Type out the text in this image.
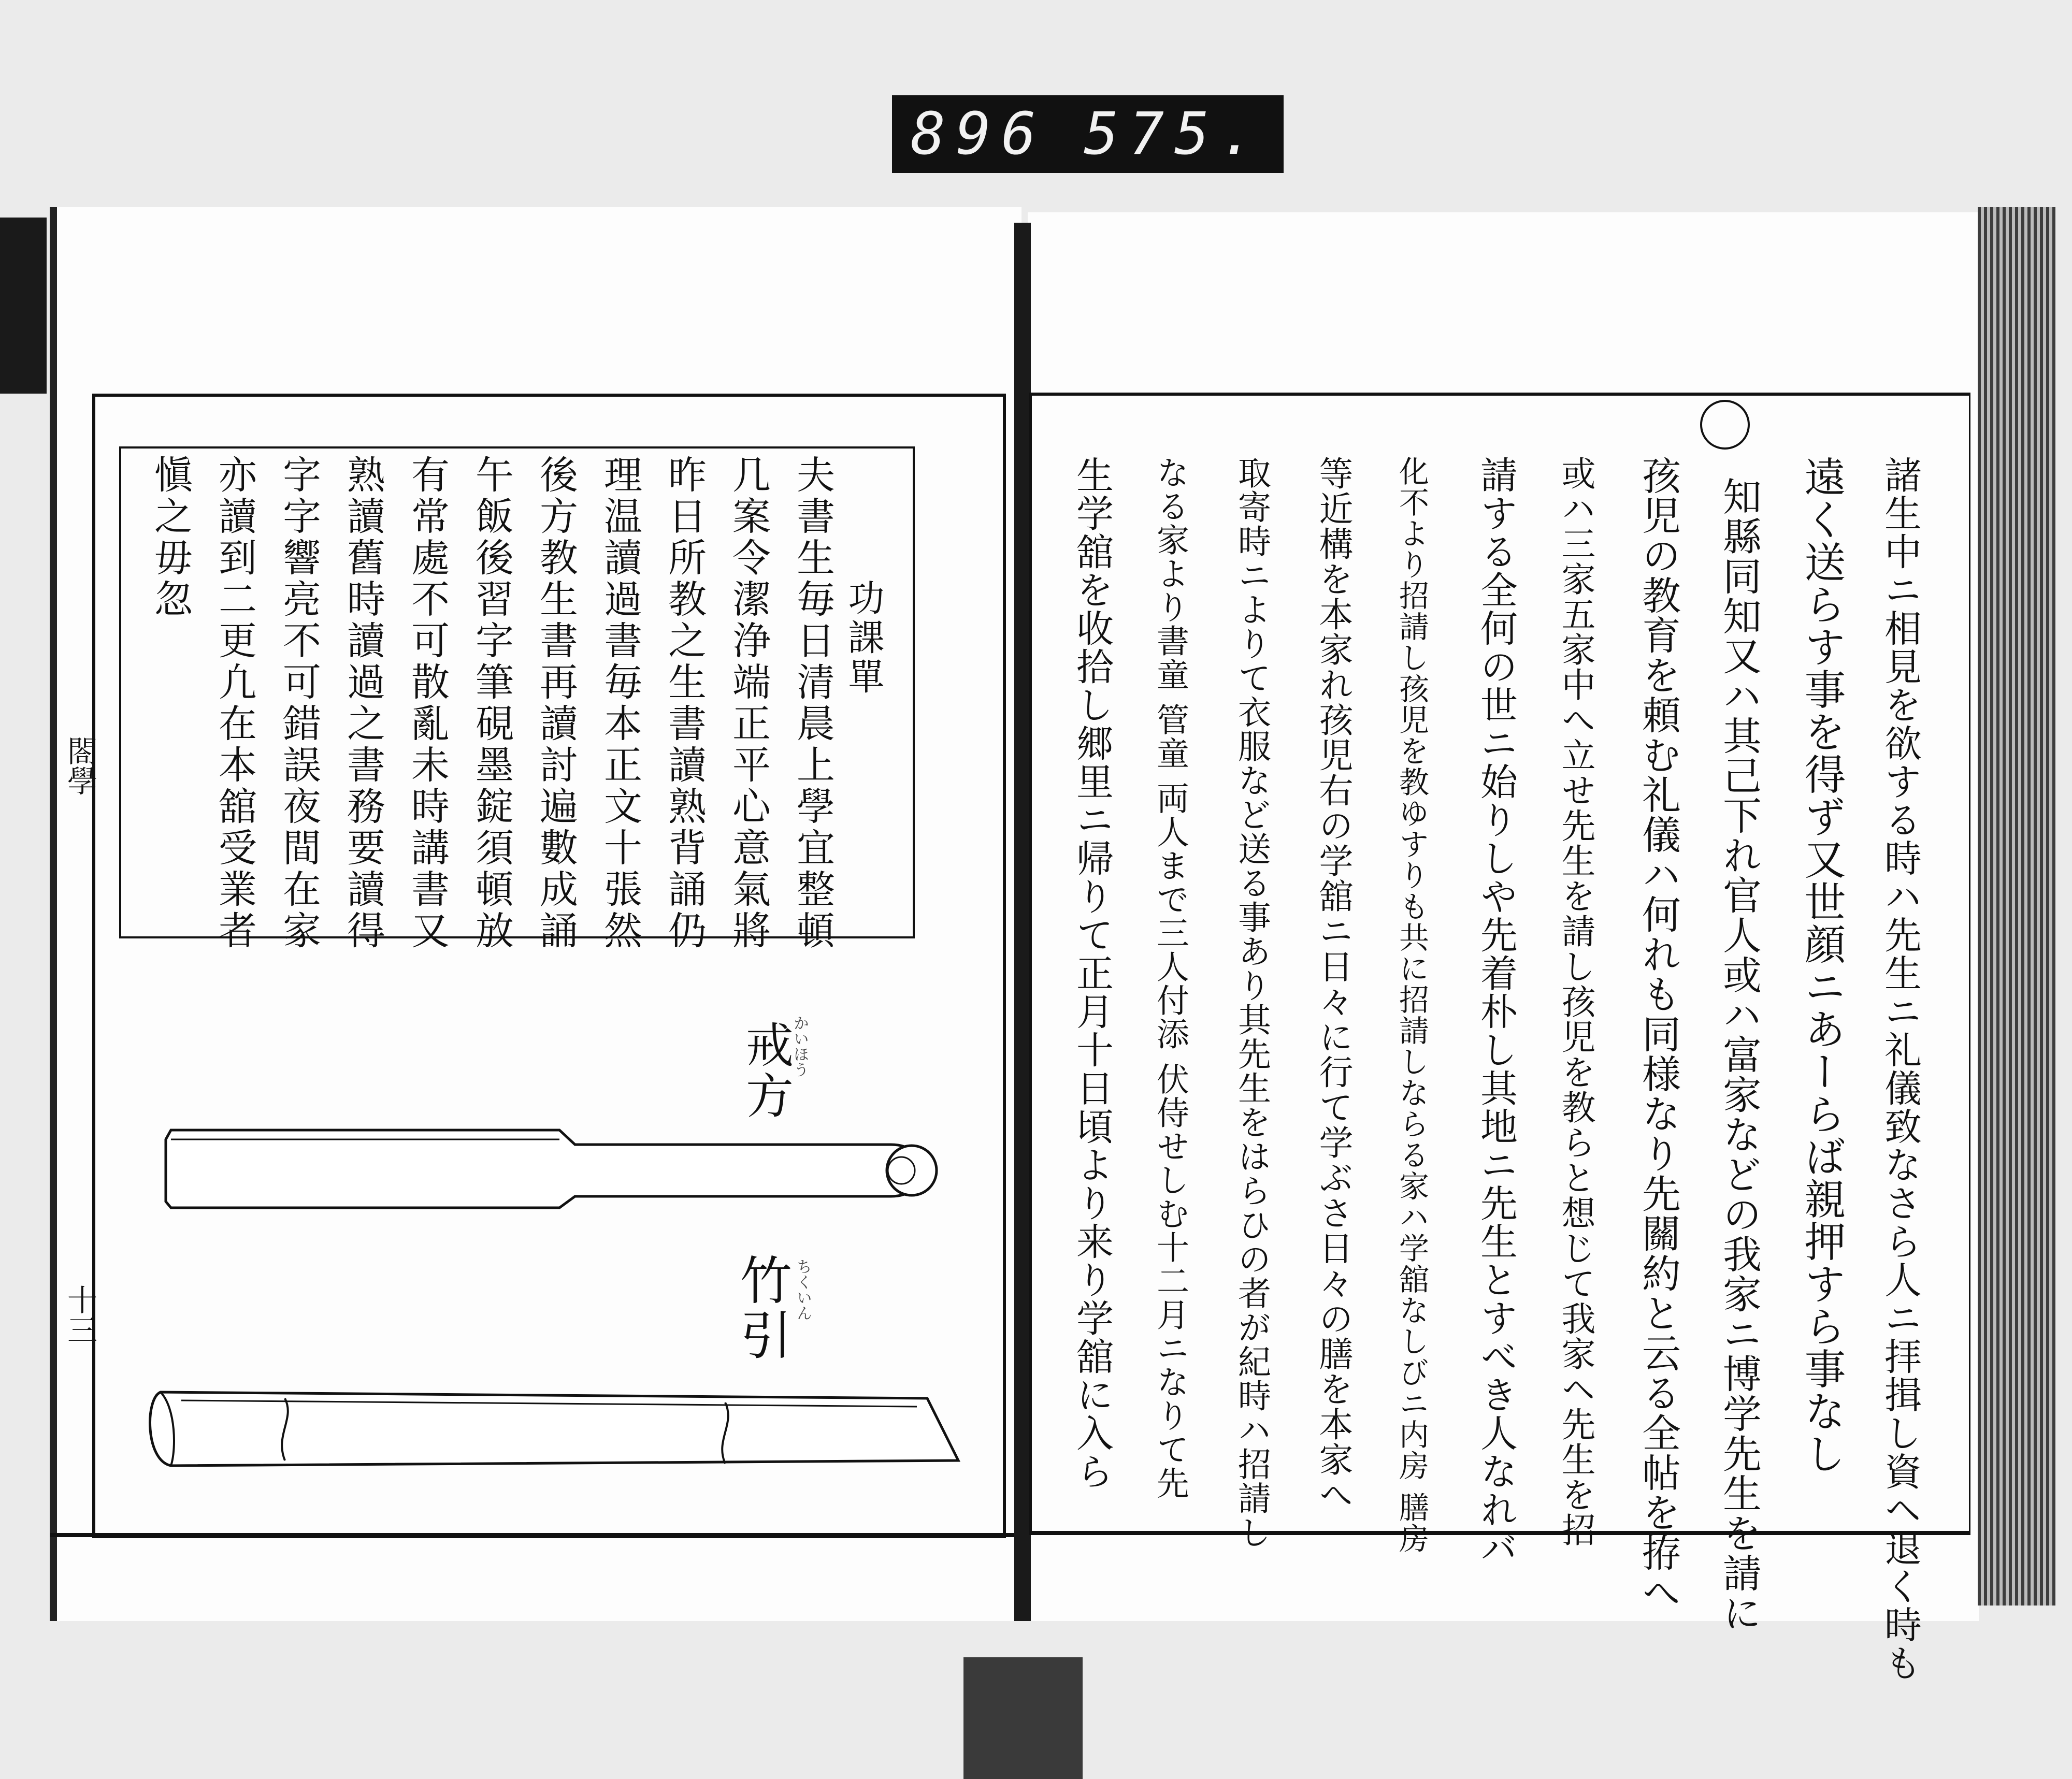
896 575.
功課單
夫書生毎日清晨上學宜整頓
几案令潔浄端正平心意氣將
昨日所教之生書讀熟背誦仍
理温讀過書毎本正文十張然
後方教生書再讀討遍數成誦
午飯後習字筆硯墨錠須頓放
有常處不可散亂未時講書又
熟讀舊時讀過之書務要讀得
字字響亮不可錯誤夜間在家
亦讀到二更凢在本舘受業者
愼之毋忽
戒方
かいほう
竹引 ちくいん
閤學
十三	諸生中ニ相見を欲する時ハ先生ニ礼儀致なさら人ニ拝揖し資ヘ退く時も
遠く送らす事を得ず又世顔ニあーらば親押すら事なし
知縣同知又ハ其己下れ官人或ハ富家などの我家ニ博学先生を請に
孩児の教育を頼む礼儀ハ何れも同様なり先關約と云る全帖を拵へ
或ハ三家五家中へ立せ先生を請し孩児を教らと想じて我家ヘ先生を招
請する全何の世ニ始りしや先着朴し其地ニ先生とすべき人なれバ
化不より招請し孩児を教ゆすりも共に招請しならる家ハ学舘なしびニ内房 膳房
等近構を本家れ孩児右の学舘ニ日々に行て学ぶさ日々の膳を本家へ
取寄時ニよりて衣服など送る事あり其先生をはらひの者が紀時ハ招請し
なる家より書童 管童 両人まで三人付添 伏侍せしむ十二月ニなりて先
生学舘を收拾し郷里ニ帰りて正月十日頃より来り学舘に入ら
